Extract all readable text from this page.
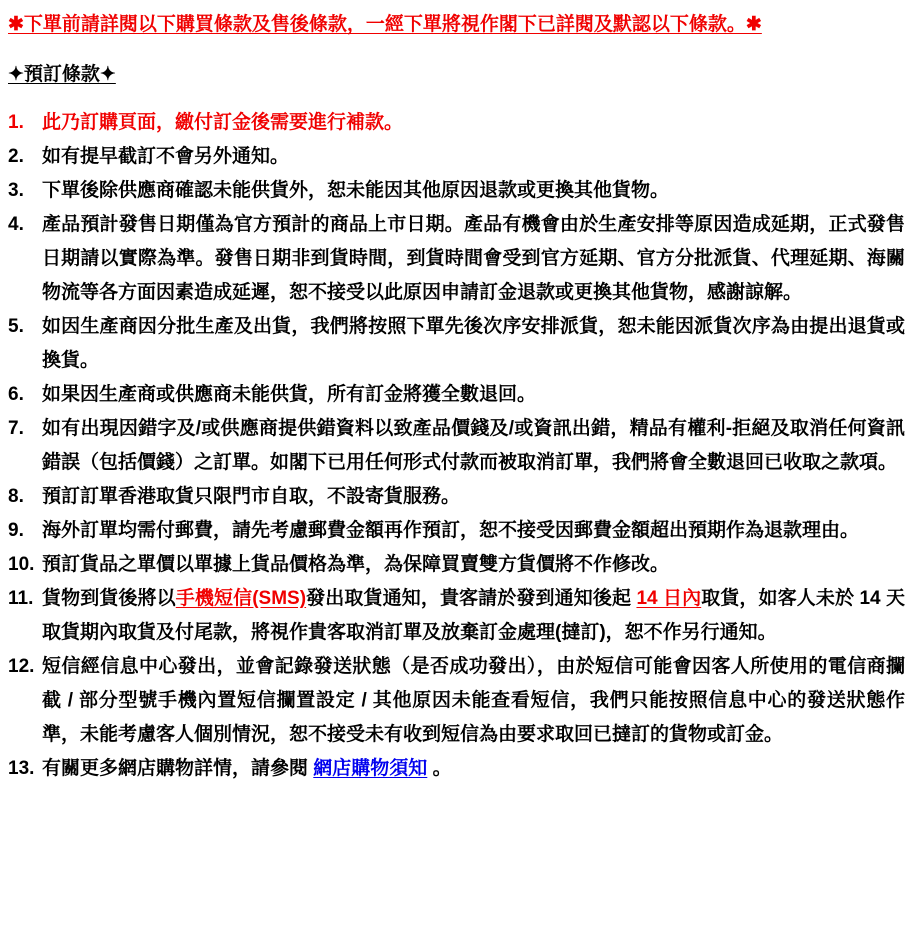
✱下單前請詳閱以下購買條款及售後條款，一經下單將視作閣下已詳閱及默認以下條款。✱
✦預訂條款✦
1. 此乃訂購頁面，繳付訂金後需要進行補款。
2. 如有提早截訂不會另外通知。
3. 下單後除供應商確認未能供貨外，恕未能因其他原因退款或更換其他貨物。
4. 產品預計發售日期僅為官方預計的商品上市日期。產品有機會由於生產安排等原因造成延期，正式發售日期請以實際為準。發售日期非到貨時間，到貨時間會受到官方延期、官方分批派貨、代理延期、海關物流等各方面因素造成延遲，恕不接受以此原因申請訂金退款或更換其他貨物，感謝諒解。
5. 如因生產商因分批生產及出貨，我們將按照下單先後次序安排派貨，恕未能因派貨次序為由提出退貨或換貨。
6. 如果因生產商或供應商未能供貨，所有訂金將獲全數退回。
7. 如有出現因錯字及/或供應商提供錯資料以致產品價錢及/或資訊出錯，精品有權利-拒絕及取消任何資訊錯誤（包括價錢）之訂單。如閣下已用任何形式付款而被取消訂單，我們將會全數退回已收取之款項。
8. 預訂訂單香港取貨只限門市自取，不設寄貨服務。
9. 海外訂單均需付郵費，請先考慮郵費金額再作預訂，恕不接受因郵費金額超出預期作為退款理由。
10. 預訂貨品之單價以單據上貨品價格為準，為保障買賣雙方貨價將不作修改。
11. 貨物到貨後將以手機短信(SMS)發出取貨通知，貴客請於發到通知後起 14 日內取貨，如客人未於 14 天取貨期內取貨及付尾款，將視作貴客取消訂單及放棄訂金處理(撻訂)，恕不作另行通知。
12. 短信經信息中心發出，並會記錄發送狀態（是否成功發出），由於短信可能會因客人所使用的電信商攔截 / 部分型號手機內置短信攔置設定 / 其他原因未能查看短信，我們只能按照信息中心的發送狀態作準，未能考慮客人個別情況，恕不接受未有收到短信為由要求取回已撻訂的貨物或訂金。
13. 有關更多網店購物詳情，請參閱 網店購物須知 。
